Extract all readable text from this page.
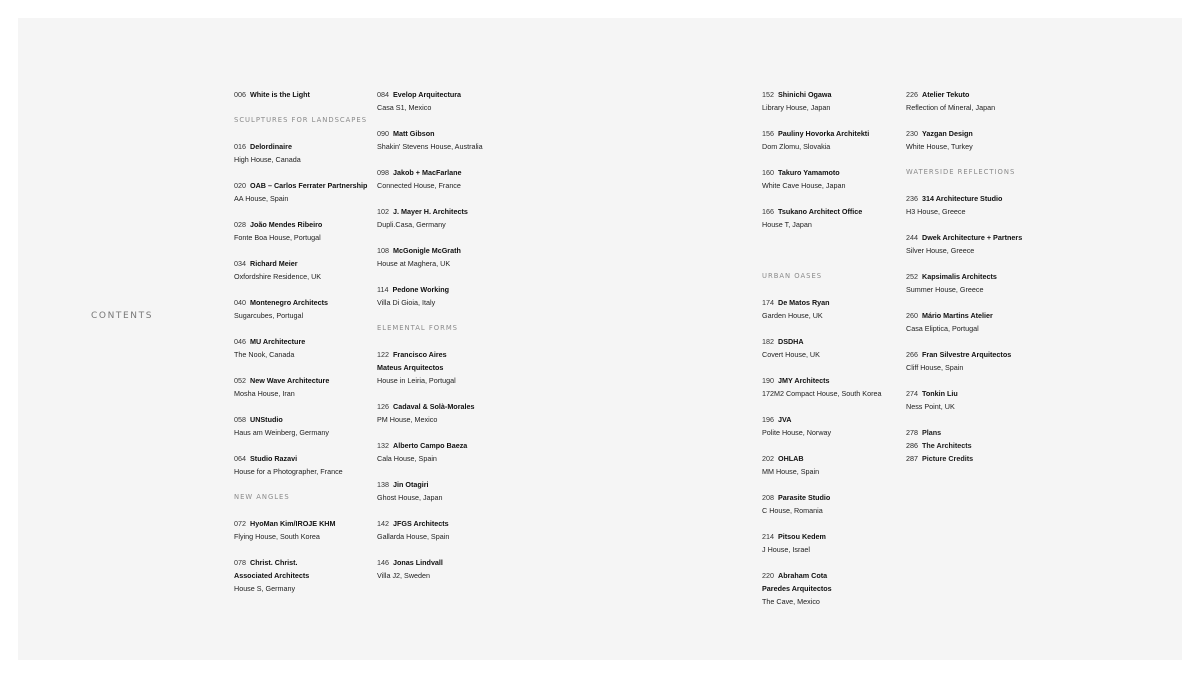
CONTENTS
006 White is the Light
SCULPTURES FOR LANDSCAPES
016 Delordinaire
High House, Canada
020 OAB – Carlos Ferrater Partnership
AA House, Spain
028 João Mendes Ribeiro
Fonte Boa House, Portugal
034 Richard Meier
Oxfordshire Residence, UK
040 Montenegro Architects
Sugarcubes, Portugal
046 MU Architecture
The Nook, Canada
052 New Wave Architecture
Mosha House, Iran
058 UNStudio
Haus am Weinberg, Germany
064 Studio Razavi
House for a Photographer, France
NEW ANGLES
072 HyoMan Kim/IROJE KHM
Flying House, South Korea
078 Christ. Christ.
Associated Architects
House S, Germany
084 Evelop Arquitectura
Casa S1, Mexico
090 Matt Gibson
Shakin' Stevens House, Australia
098 Jakob + MacFarlane
Connected House, France
102 J. Mayer H. Architects
Dupli.Casa, Germany
108 McGonigle McGrath
House at Maghera, UK
114 Pedone Working
Villa Di Gioia, Italy
ELEMENTAL FORMS
122 Francisco Aires
Mateus Arquitectos
House in Leiria, Portugal
126 Cadaval & Solà-Morales
PM House, Mexico
132 Alberto Campo Baeza
Cala House, Spain
138 Jin Otagiri
Ghost House, Japan
142 JFGS Architects
Gallarda House, Spain
146 Jonas Lindvall
Villa J2, Sweden
152 Shinichi Ogawa
Library House, Japan
156 Pauliny Hovorka Architekti
Dom Zlomu, Slovakia
160 Takuro Yamamoto
White Cave House, Japan
166 Tsukano Architect Office
House T, Japan
URBAN OASES
174 De Matos Ryan
Garden House, UK
182 DSDHA
Covert House, UK
190 JMY Architects
172M2 Compact House, South Korea
196 JVA
Polite House, Norway
202 OHLAB
MM House, Spain
208 Parasite Studio
C House, Romania
214 Pitsou Kedem
J House, Israel
220 Abraham Cota
Paredes Arquitectos
The Cave, Mexico
226 Atelier Tekuto
Reflection of Mineral, Japan
230 Yazgan Design
White House, Turkey
WATERSIDE REFLECTIONS
236 314 Architecture Studio
H3 House, Greece
244 Dwek Architecture + Partners
Silver House, Greece
252 Kapsimalis Architects
Summer House, Greece
260 Mário Martins Atelier
Casa Eliptica, Portugal
266 Fran Silvestre Arquitectos
Cliff House, Spain
274 Tonkin Liu
Ness Point, UK
278 Plans
286 The Architects
287 Picture Credits
